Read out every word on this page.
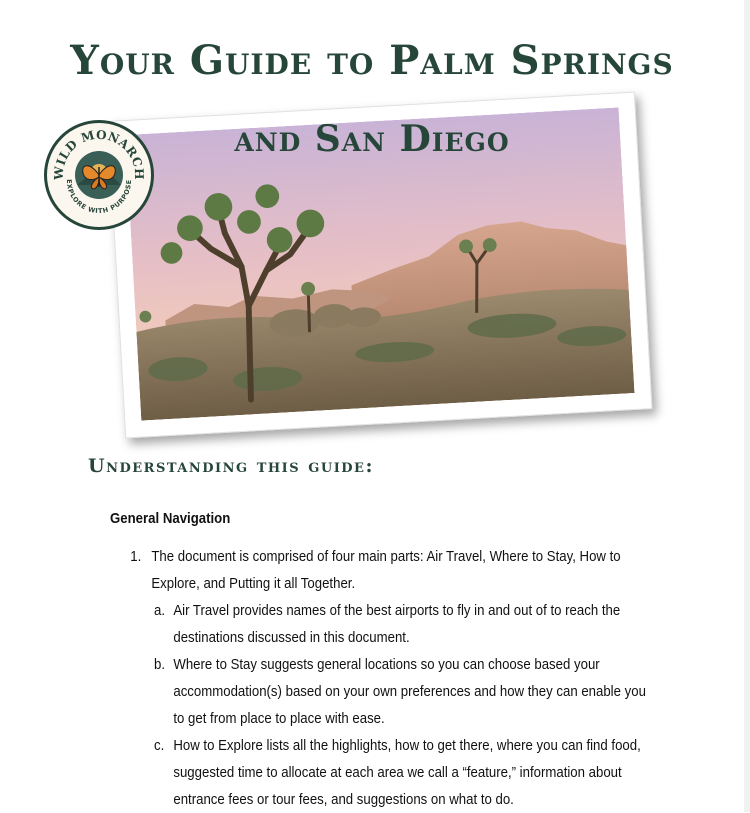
Your Guide to Palm Springs
and San Diego
WILD MONARCH
EXPLORE WITH PURPOSE
Understanding this guide:
General Navigation
1. The document is comprised of four main parts: Air Travel, Where to Stay, How to Explore, and Putting it all Together.
a. Air Travel provides names of the best airports to fly in and out of to reach the destinations discussed in this document.
b. Where to Stay suggests general locations so you can choose based your accommodation(s) based on your own preferences and how they can enable you to get from place to place with ease.
c. How to Explore lists all the highlights, how to get there, where you can find food, suggested time to allocate at each area we call a “feature,” information about entrance fees or tour fees, and suggestions on what to do.
